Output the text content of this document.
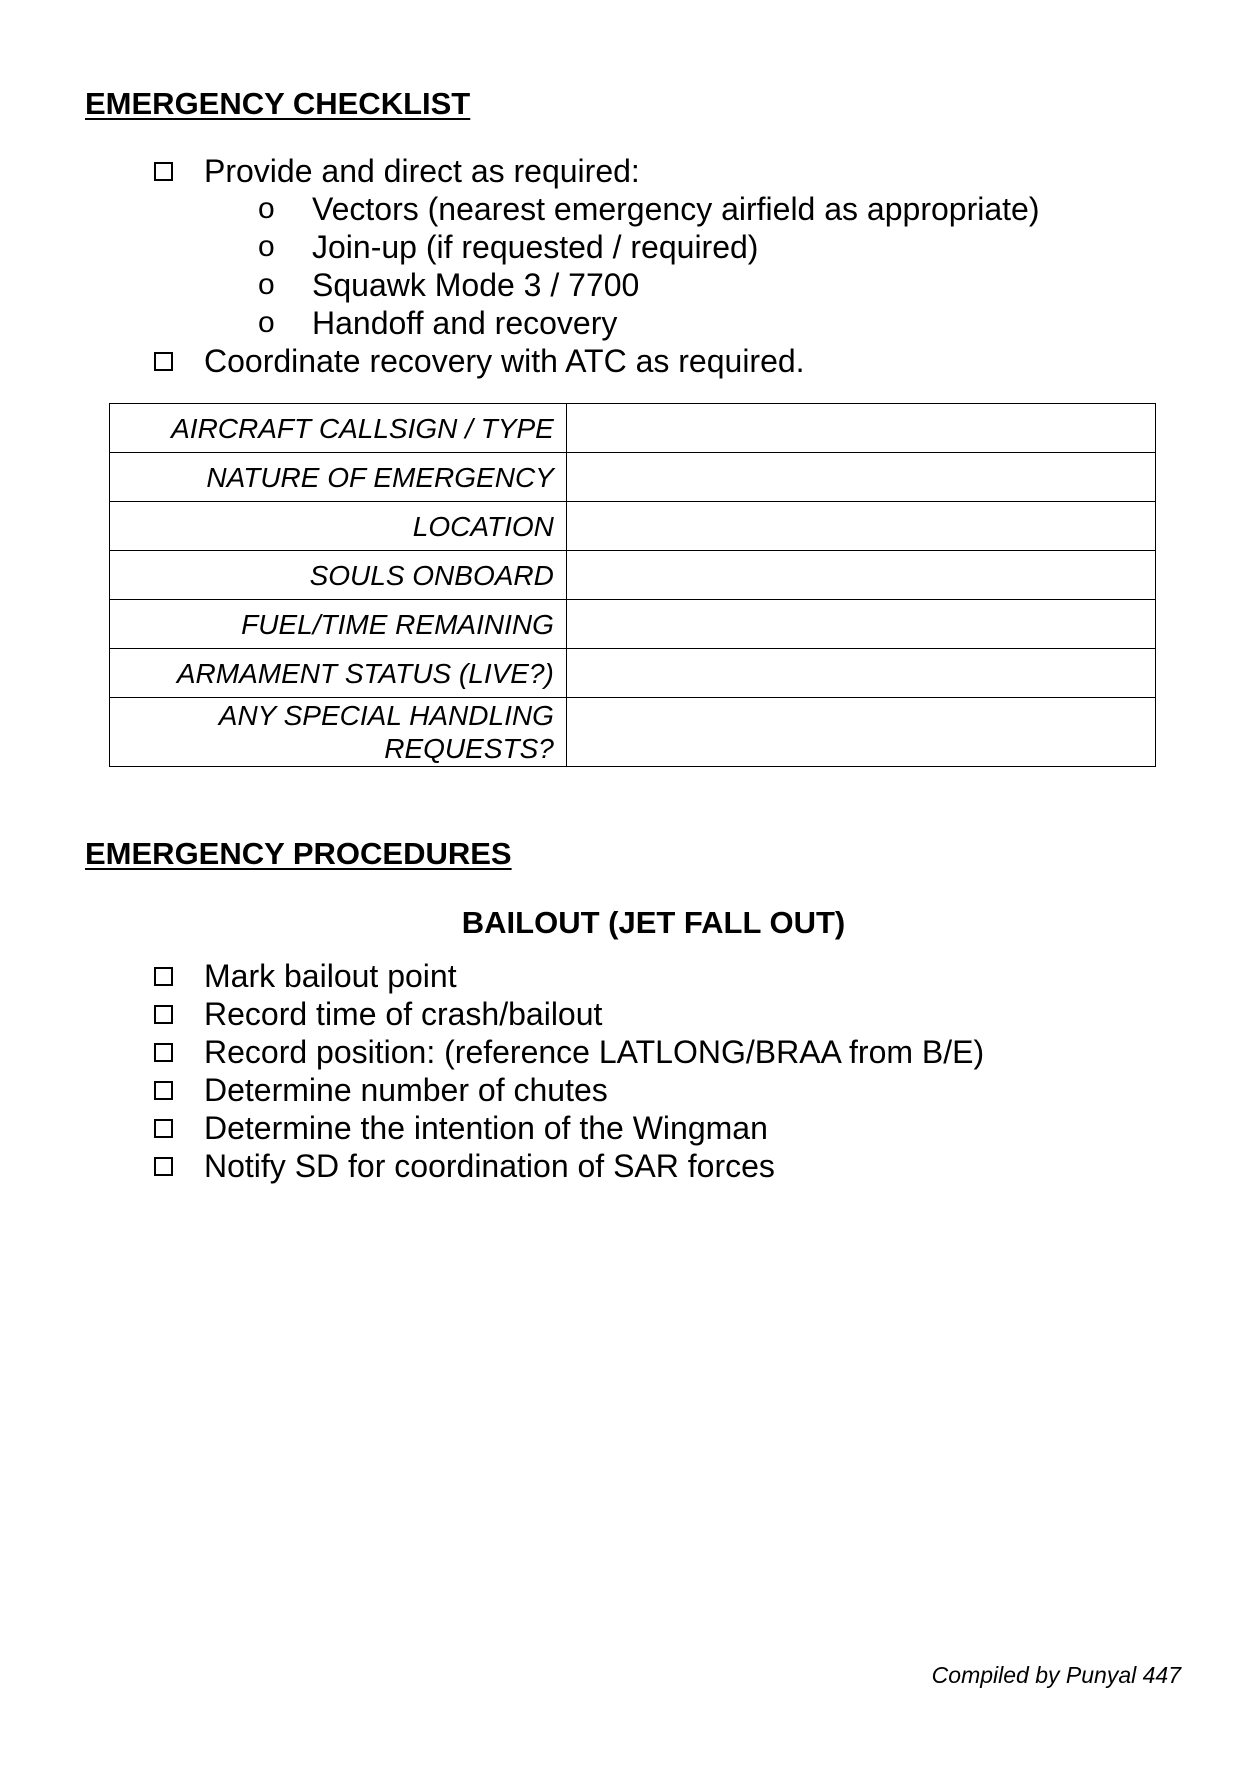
EMERGENCY CHECKLIST
Provide and direct as required:
o Vectors (nearest emergency airfield as appropriate)
o Join-up (if requested / required)
o Squawk Mode 3 / 7700
o Handoff and recovery
Coordinate recovery with ATC as required.
AIRCRAFT CALLSIGN / TYPE	
NATURE OF EMERGENCY	
LOCATION	
SOULS ONBOARD	
FUEL/TIME REMAINING	
ARMAMENT STATUS (LIVE?)	

ANY SPECIAL HANDLING
REQUESTS?	

EMERGENCY PROCEDURES
BAILOUT (JET FALL OUT)
Mark bailout point
Record time of crash/bailout
Record position: (reference LATLONG/BRAA from B/E)
Determine number of chutes
Determine the intention of the Wingman
Notify SD for coordination of SAR forces
Compiled by Punyal 447
